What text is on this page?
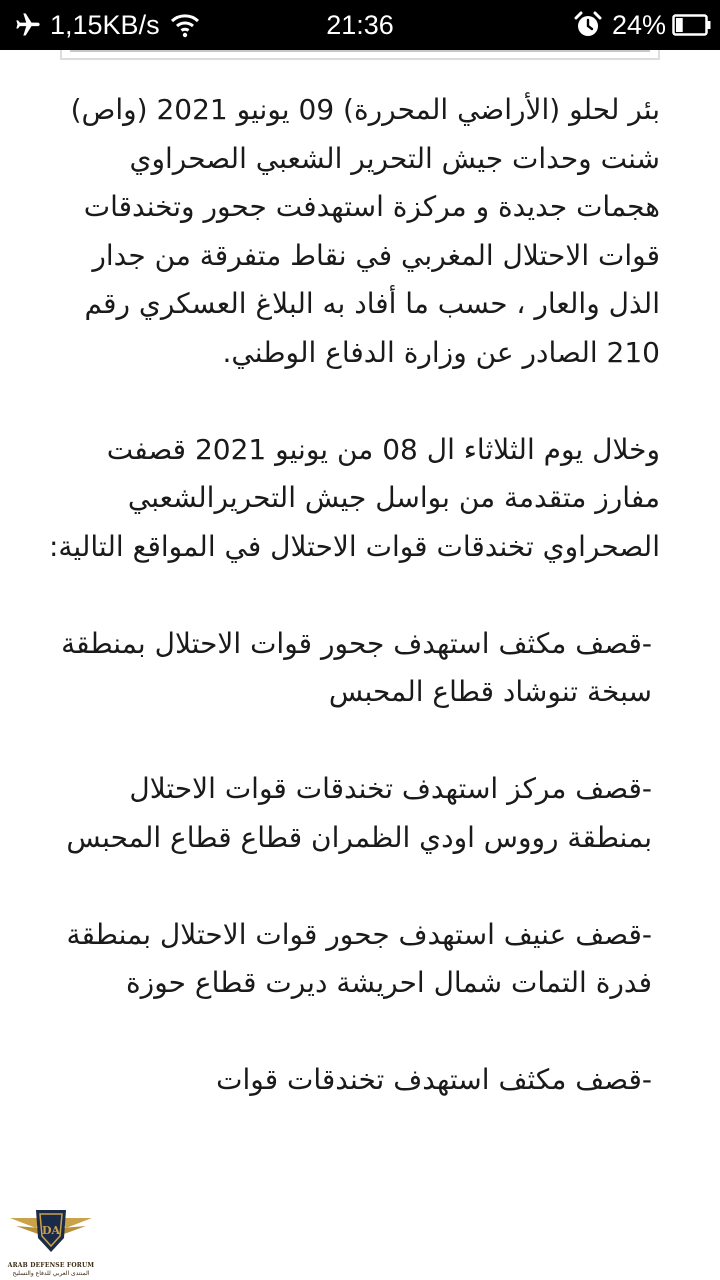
1,15KB/s	21:36	24%

بئر لحلو (الأراضي المحررة) 09 يونيو 2021 (واص) شنت وحدات جيش التحرير الشعبي الصحراوي هجمات جديدة و مركزة استهدفت جحور وتخندقات قوات الاحتلال المغربي في نقاط متفرقة من جدار الذل والعار ، حسب ما أفاد به البلاغ العسكري رقم 210 الصادر عن وزارة الدفاع الوطني.

وخلال يوم الثلاثاء ال 08 من يونيو 2021 قصفت مفارز متقدمة من بواسل جيش التحريرالشعبي الصحراوي تخندقات قوات الاحتلال في المواقع التالية:

-قصف مكثف استهدف جحور قوات الاحتلال بمنطقة سبخة تنوشاد قطاع المحبس

-قصف مركز استهدف تخندقات قوات الاحتلال بمنطقة رووس اودي الظمران قطاع قطاع المحبس

-قصف عنيف استهدف جحور قوات الاحتلال بمنطقة فدرة التمات شمال احريشة ديرت قطاع حوزة

-قصف مكثف استهدف تخندقات قوات

DA
ARAB DEFENSE FORUM
المنتدى العربي للدفاع والتسليح
